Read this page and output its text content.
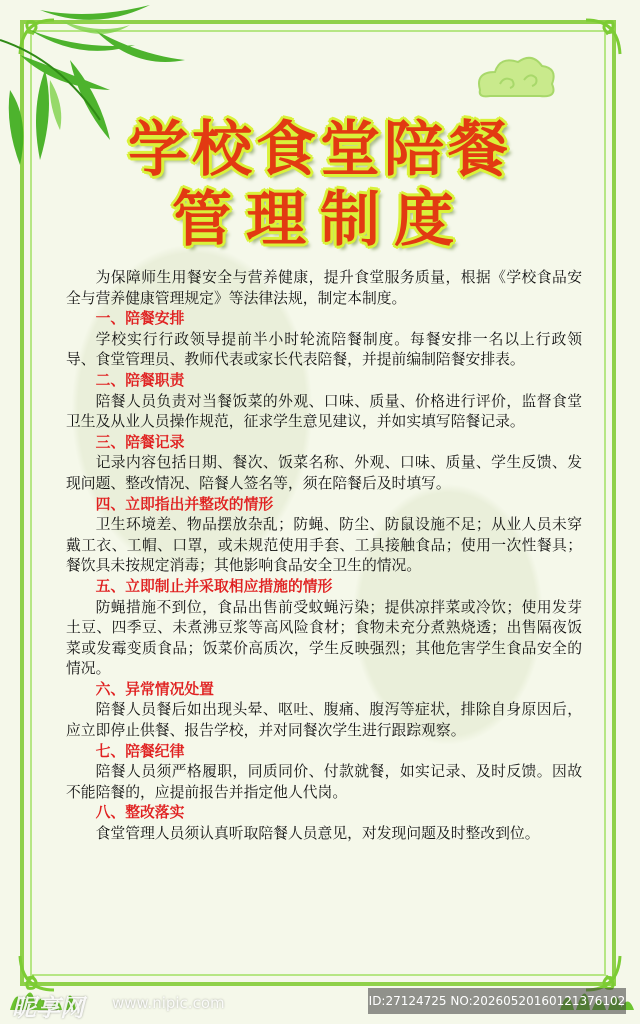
学校食堂陪餐
管理制度

为保障师生用餐安全与营养健康，提升食堂服务质量，根据《学校食品安全与营养健康管理规定》等法律法规，制定本制度。

一、陪餐安排

学校实行行政领导提前半小时轮流陪餐制度。每餐安排一名以上行政领导、食堂管理员、教师代表或家长代表陪餐，并提前编制陪餐安排表。

二、陪餐职责

陪餐人员负责对当餐饭菜的外观、口味、质量、价格进行评价，监督食堂卫生及从业人员操作规范，征求学生意见建议，并如实填写陪餐记录。

三、陪餐记录

记录内容包括日期、餐次、饭菜名称、外观、口味、质量、学生反馈、发现问题、整改情况、陪餐人签名等，须在陪餐后及时填写。

四、立即指出并整改的情形

卫生环境差、物品摆放杂乱；防蝇、防尘、防鼠设施不足；从业人员未穿戴工衣、工帽、口罩，或未规范使用手套、工具接触食品；使用一次性餐具；餐饮具未按规定消毒；其他影响食品安全卫生的情况。

五、立即制止并采取相应措施的情形

防蝇措施不到位，食品出售前受蚊蝇污染；提供凉拌菜或冷饮；使用发芽土豆、四季豆、未煮沸豆浆等高风险食材；食物未充分煮熟烧透；出售隔夜饭菜或发霉变质食品；饭菜价高质次，学生反映强烈；其他危害学生食品安全的情况。

六、异常情况处置

陪餐人员餐后如出现头晕、呕吐、腹痛、腹泻等症状，排除自身原因后，应立即停止供餐、报告学校，并对同餐次学生进行跟踪观察。

七、陪餐纪律

陪餐人员须严格履职，同质同价、付款就餐，如实记录、及时反馈。因故不能陪餐的，应提前报告并指定他人代岗。

八、整改落实

食堂管理人员须认真听取陪餐人员意见，对发现问题及时整改到位。

昵享网 www.nipic.com	ID:27124725 NO:20260520160121376102
